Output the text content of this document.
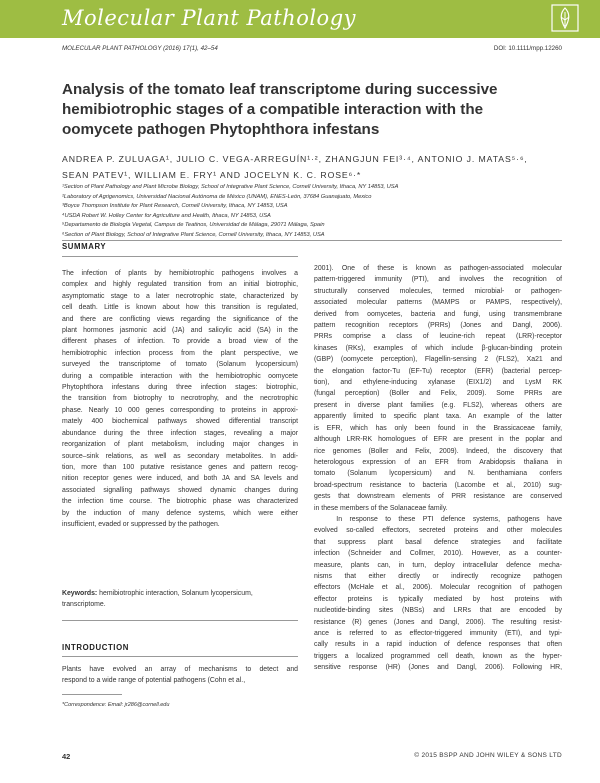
Molecular Plant Pathology
MOLECULAR PLANT PATHOLOGY (2016) 17(1), 42–54	DOI: 10.1111/mpp.12260
Analysis of the tomato leaf transcriptome during successive
hemibiotrophic stages of a compatible interaction with the
oomycete pathogen Phytophthora infestans
ANDREA P. ZULUAGA¹, JULIO C. VEGA-ARREGUÍN¹·², ZHANGJUN FEI³·⁴, ANTONIO J. MATAS⁵·⁶,
SEAN PATEV¹, WILLIAM E. FRY¹ AND JOCELYN K. C. ROSE⁶·*
¹Section of Plant Pathology and Plant Microbe Biology, School of Integrative Plant Science, Cornell University, Ithaca, NY 14853, USA
²Laboratory of Agrigenomics, Universidad Nacional Autónoma de México (UNAM), ENES-León, 37684 Guanajuato, Mexico
³Boyce Thompson Institute for Plant Research, Cornell University, Ithaca, NY 14853, USA
⁴USDA Robert W. Holley Center for Agriculture and Health, Ithaca, NY 14853, USA
⁵Departamento de Biología Vegetal, Campus de Teatinos, Universidad de Málaga, 29071 Málaga, Spain
⁶Section of Plant Biology, School of Integrative Plant Science, Cornell University, Ithaca, NY 14853, USA
SUMMARY
The infection of plants by hemibiotrophic pathogens involves a
complex and highly regulated transition from an initial biotrophic,
asymptomatic stage to a later necrotrophic state, characterized by
cell death. Little is known about how this transition is regulated,
and there are conflicting views regarding the significance of the
plant hormones jasmonic acid (JA) and salicylic acid (SA) in the
different phases of infection. To provide a broad view of the
hemibiotrophic infection process from the plant perspective, we
surveyed the transcriptome of tomato (Solanum lycopersicum)
during a compatible interaction with the hemibiotrophic oomycete
Phytophthora infestans during three infection stages: biotrophic,
the transition from biotrophy to necrotrophy, and the necrotrophic
phase. Nearly 10 000 genes corresponding to proteins in approxi-
mately 400 biochemical pathways showed differential transcript
abundance during the three infection stages, revealing a major
reorganization of plant metabolism, including major changes in
source–sink relations, as well as secondary metabolites. In addi-
tion, more than 100 putative resistance genes and pattern recog-
nition receptor genes were induced, and both JA and SA levels and
associated signalling pathways showed dynamic changes during
the infection time course. The biotrophic phase was characterized
by the induction of many defence systems, which were either
insufficient, evaded or suppressed by the pathogen.
Keywords: hemibiotrophic interaction, Solanum lycopersicum,
transcriptome.
INTRODUCTION
Plants have evolved an array of mechanisms to detect and
respond to a wide range of potential pathogens (Cohn et al.,
*Correspondence: Email: jr286@cornell.edu
2001). One of these is known as pathogen-associated molecular
pattern-triggered immunity (PTI), and involves the recognition of
structurally conserved molecules, termed microbial- or pathogen-
associated molecular patterns (MAMPS or PAMPS, respectively),
derived from oomycetes, bacteria and fungi, using transmembrane
pattern recognition receptors (PRRs) (Jones and Dangl, 2006).
PRRs comprise a class of leucine-rich repeat (LRR)-receptor
kinases (RKs), examples of which include β-glucan-binding protein
(GBP) (oomycete perception), Flagellin-sensing 2 (FLS2), Xa21 and
the elongation factor-Tu (EF-Tu) receptor (EFR) (bacterial percep-
tion), and ethylene-inducing xylanase (EIX1/2) and LysM RK
(fungal perception) (Boller and Felix, 2009). Some PRRs are
present in diverse plant families (e.g. FLS2), whereas others are
apparently limited to specific plant taxa. An example of the latter
is EFR, which has only been found in the Brassicaceae family,
although LRR-RK homologues of EFR are present in the poplar and
rice genomes (Boller and Felix, 2009). Indeed, the discovery that
heterologous expression of an EFR from Arabidopsis thaliana in
tomato (Solanum lycopersicum) and N. benthamiana confers
broad-spectrum resistance to bacteria (Lacombe et al., 2010) sug-
gests that downstream elements of PRR resistance are conserved
in these members of the Solanaceae family.
In response to these PTI defence systems, pathogens have
evolved so-called effectors, secreted proteins and other molecules
that suppress plant basal defence strategies and facilitate
infection (Schneider and Collmer, 2010). However, as a counter-
measure, plants can, in turn, deploy intracellular defence mecha-
nisms that either directly or indirectly recognize pathogen
effectors (McHale et al., 2006). Molecular recognition of pathogen
effector proteins is typically mediated by host proteins with
nucleotide-binding sites (NBSs) and LRRs that are encoded by
resistance (R) genes (Jones and Dangl, 2006). The resulting resist-
ance is referred to as effector-triggered immunity (ETI), and typi-
cally results in a rapid induction of defence responses that often
triggers a localized programmed cell death, known as the hyper-
sensitive response (HR) (Jones and Dangl, 2006). Following HR,
42	© 2015 BSPP AND JOHN WILEY & SONS LTD
